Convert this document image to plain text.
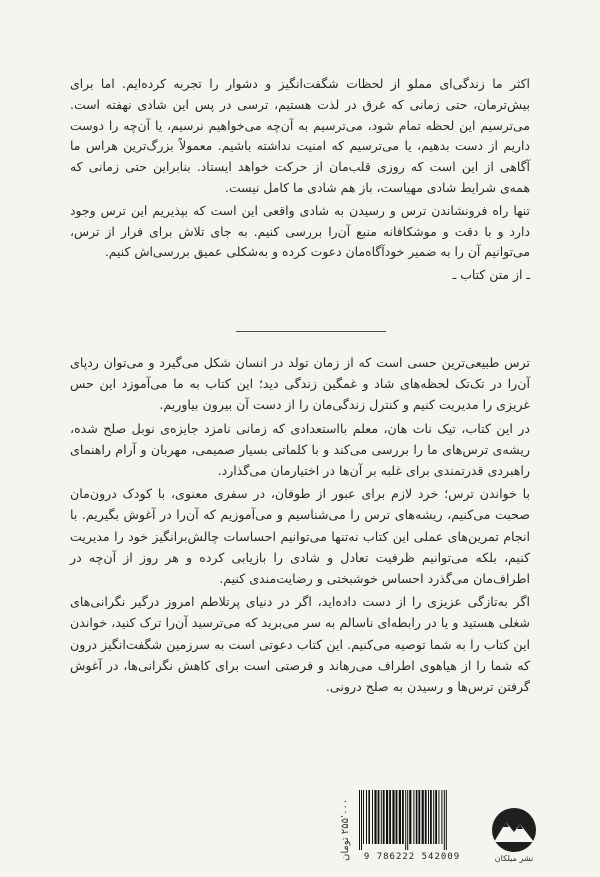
اکثر ما زندگی‌ای مملو از لحظات شگفت‌انگیز و دشوار را تجربه کرده‌ایم. اما برای بیش‌ترمان، حتی زمانی که غرق در لذت هستیم، ترسی در پس این شادی نهفته است. می‌ترسیم این لحظه تمام شود، می‌ترسیم به آن‌چه می‌خواهیم نرسیم، یا آن‌چه را دوست داریم از دست بدهیم، یا می‌ترسیم که امنیت نداشته باشیم. معمولاً بزرگ‌ترین هراس ما آگاهی از این است که روزی قلب‌مان از حرکت خواهد ایستاد. بنابراین حتی زمانی که همه‌ی شرایط شادی مهیاست، باز هم شادی ما کامل نیست.

تنها راه فرونشاندن ترس و رسیدن به شادی واقعی این است که بپذیریم این ترس وجود دارد و با دقت و موشکافانه منبع آن‌را بررسی کنیم. به جای تلاش برای فرار از ترس، می‌توانیم آن را به ضمیر خودآگاه‌مان دعوت کرده و به‌شکلی عمیق بررسی‌اش کنیم.

ـ از متن کتاب ـ

ترس طبیعی‌ترین حسی است که از زمان تولد در انسان شکل می‌گیرد و می‌توان ردپای آن‌را در تک‌تک لحظه‌های شاد و غمگین زندگی دید؛ این کتاب به ما می‌آموزد این حس غریزی را مدیریت کنیم و کنترل زندگی‌مان را از دست آن بیرون بیاوریم.

در این کتاب، تیک نات هان، معلم بااستعدادی که زمانی نامزد جایزه‌ی نوبل صلح شده، ریشه‌ی ترس‌های ما را بررسی می‌کند و با کلماتی بسیار صمیمی، مهربان و آرام راهنمای راهبردی قدرتمندی برای غلبه بر آن‌ها در اختیارمان می‌گذارد.

با خواندن ترس؛ خرد لازم برای عبور از طوفان، در سفری معنوی، با کودک درون‌مان صحبت می‌کنیم، ریشه‌های ترس را می‌شناسیم و می‌آموزیم که آن‌را در آغوش بگیریم. با انجام تمرین‌های عملی این کتاب نه‌تنها می‌توانیم احساسات چالش‌برانگیز خود را مدیریت کنیم، بلکه می‌توانیم ظرفیت تعادل و شادی را بازیابی کرده و هر روز از آن‌چه در اطراف‌مان می‌گذرد احساس خوشبختی و رضایت‌مندی کنیم.

اگر به‌تازگی عزیزی را از دست داده‌اید، اگر در دنیای پرتلاطم امروز درگیر نگرانی‌های شغلی هستید و یا در رابطه‌ای ناسالم به سر می‌برید که می‌ترسید آن‌را ترک کنید، خواندن این کتاب را به شما توصیه می‌کنیم. این کتاب دعوتی است به سرزمین شگفت‌انگیز درون که شما را از هیاهوی اطراف می‌رهاند و فرصتی است برای کاهش نگرانی‌ها، در آغوش گرفتن ترس‌ها و رسیدن به صلح درونی.

۲۵۵٬۰۰۰ تومان
9 786222 542009	نشر میلکان
